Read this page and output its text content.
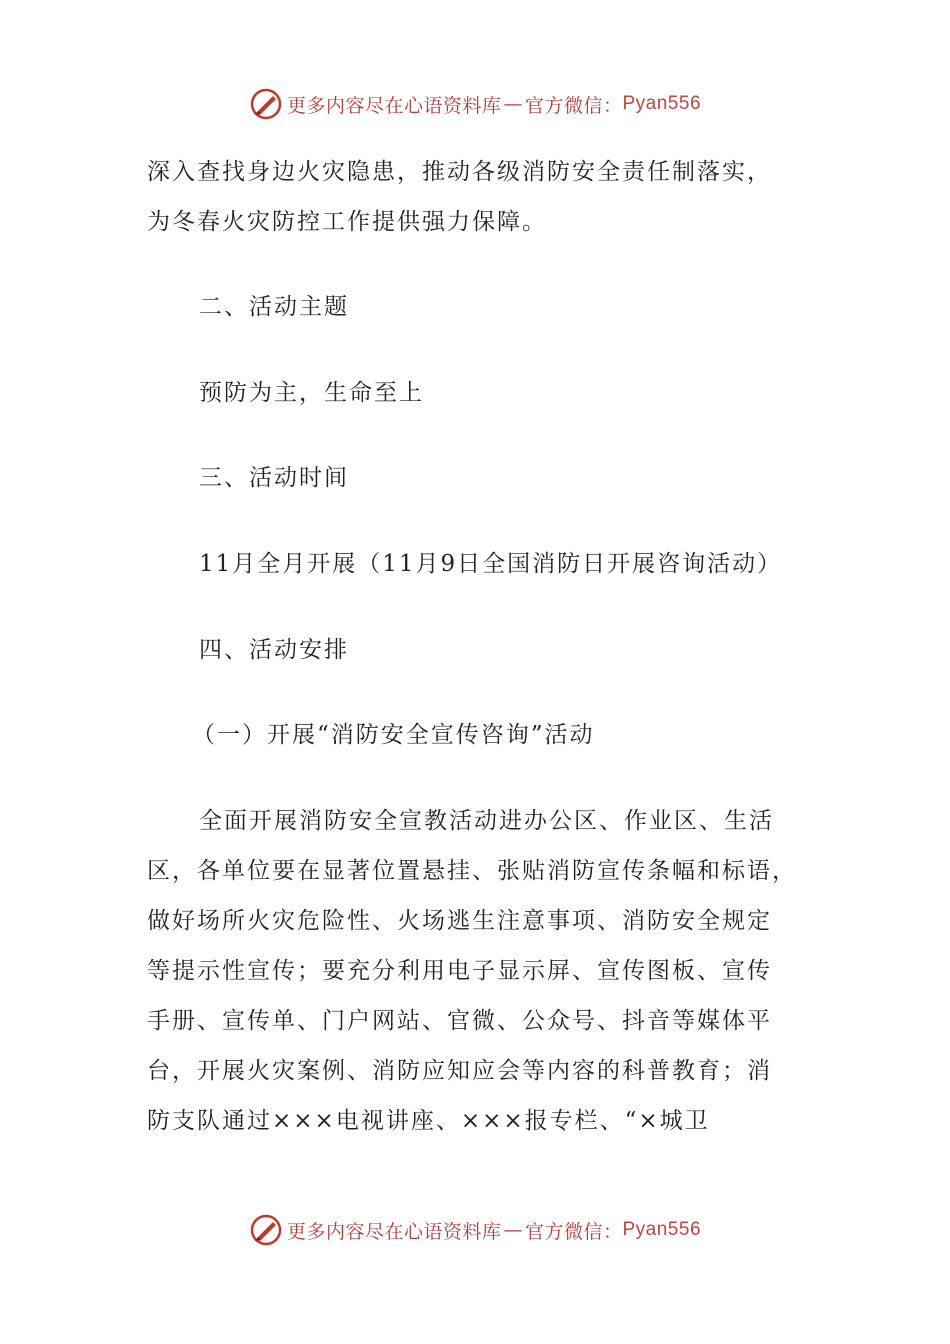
更多内容尽在心语资料库 — 官方微信： Pyan556
深入查找身边火灾隐患，推动各级消防安全责任制落实，
为冬春火灾防控工作提供强力保障。
二、活动主题
预防为主，生命至上
三、活动时间
11月全月开展（11月9日全国消防日开展咨询活动）
四、活动安排
（一）开展“消防安全宣传咨询”活动
全面开展消防安全宣教活动进办公区、作业区、生活
区，各单位要在显著位置悬挂、张贴消防宣传条幅和标语，
做好场所火灾危险性、火场逃生注意事项、消防安全规定
等提示性宣传；要充分利用电子显示屏、宣传图板、宣传
手册、宣传单、门户网站、官微、公众号、抖音等媒体平
台，开展火灾案例、消防应知应会等内容的科普教育；消
防支队通过×××电视讲座、×××报专栏、“×城卫
更多内容尽在心语资料库 — 官方微信： Pyan556
